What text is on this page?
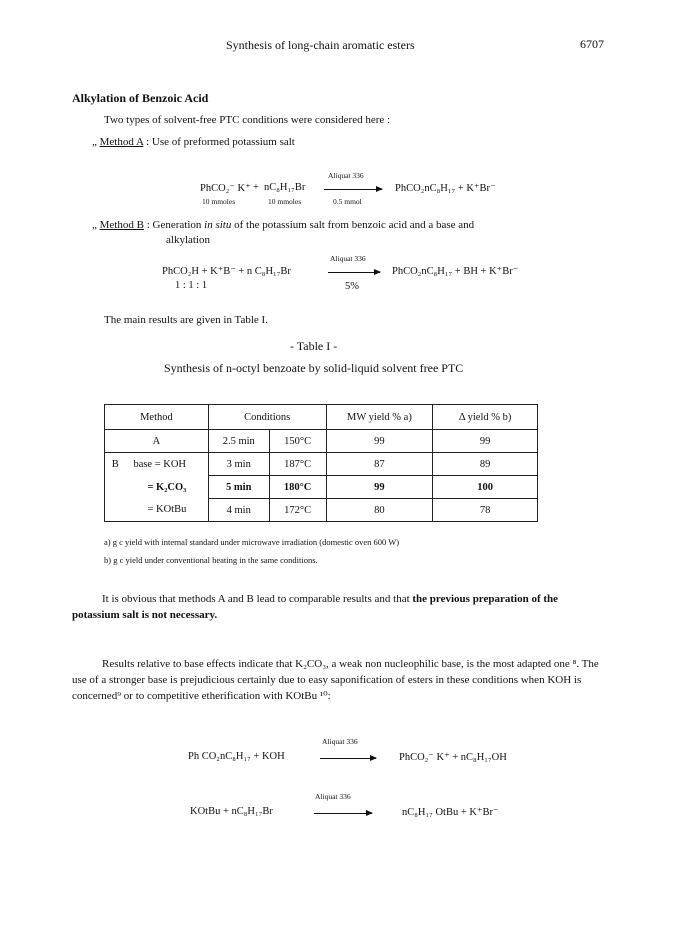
Synthesis of long-chain aromatic esters	6707
Alkylation of Benzoic Acid
Two types of solvent-free PTC conditions were considered here :
„ Method A : Use of preformed potassium salt
Aliquat 336
PhCO₂⁻ K⁺ + nC₈H₁₇Br	PhCO₂nC₈H₁₇ + K⁺Br⁻
10 mmoles	10 mmoles	0.5 mmol
„ Method B : Generation in situ of the potassium salt from benzoic acid and a base and
alkylation
Aliquat 336
PhCO₂H + K⁺B⁻ + n C₈H₁₇Br	PhCO₂nC₈H₁₇ + BH + K⁺Br⁻
1 : 1 : 1	5%
The main results are given in Table I.
- Table I -
Synthesis of n-octyl benzoate by solid-liquid solvent free PTC
Method		Conditions		MW yield % a)	Δ yield % b)
A		2.5 min	150°C	99	99
B	base = KOH	3 min	187°C	87	89
	= K₂CO₃	5 min	180°C	99	100
	= KOtBu	4 min	172°C	80	78
a) g c yield with internal standard under microwave irradiation (domestic oven 600 W)
b) g c yield under conventional heating in the same conditions.
It is obvious that methods A and B lead to comparable results and that the previous preparation of the potassium salt is not necessary.
Results relative to base effects indicate that K₂CO₃, a weak non nucleophilic base, is the most adapted one ⁸. The use of a stronger base is prejudicious certainly due to easy saponification of esters in these conditions when KOH is concerned⁹ or to competitive etherification with KOtBu ¹⁰:
Aliquat 336
Ph CO₂nC₈H₁₇ + KOH	PhCO₂⁻ K⁺ + nC₈H₁₇OH
Aliquat 336
KOtBu + nC₈H₁₇Br	nC₈H₁₇ OtBu + K⁺Br⁻
